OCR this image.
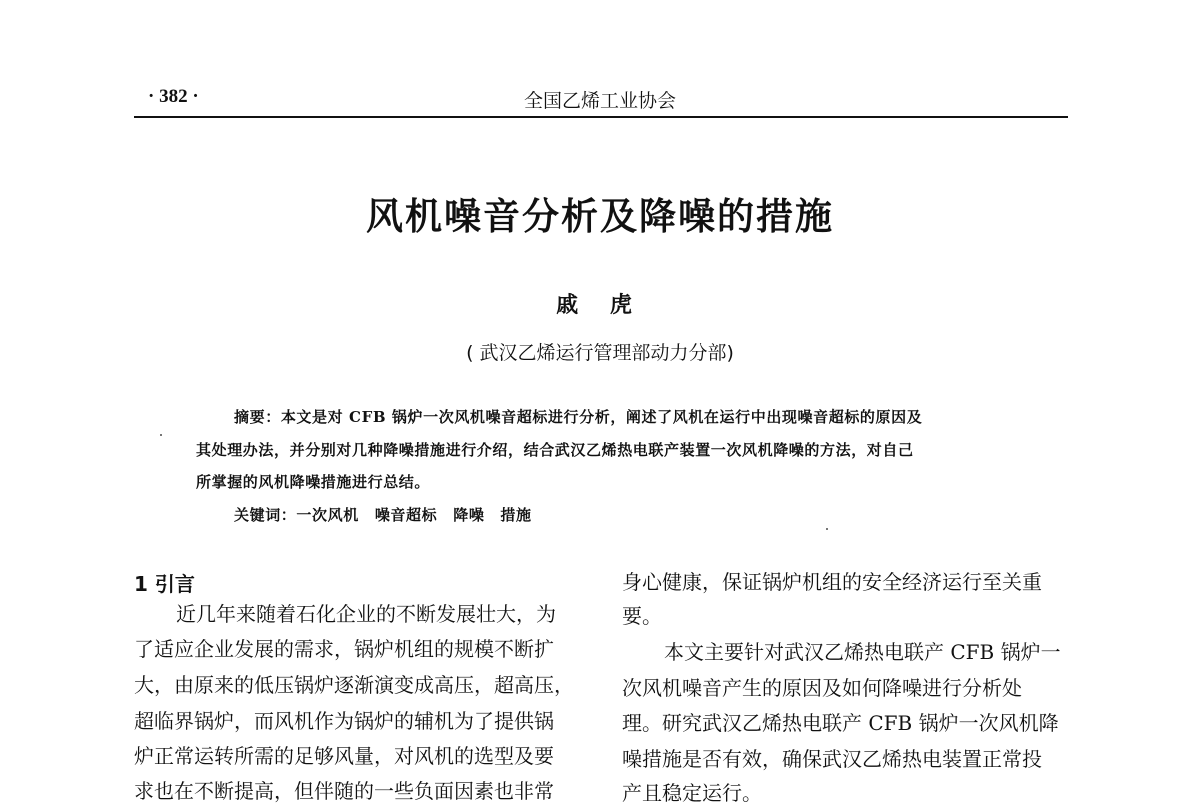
· 382 ·	全国乙烯工业协会
风机噪音分析及降噪的措施
戚 虎
( 武汉乙烯运行管理部动力分部)
摘要：本文是对 CFB 锅炉一次风机噪音超标进行分析，阐述了风机在运行中出现噪音超标的原因及
其处理办法，并分别对几种降噪措施进行介绍，结合武汉乙烯热电联产装置一次风机降噪的方法，对自己
所掌握的风机降噪措施进行总结。
关键词：一次风机 噪音超标 降噪 措施
1 引言
近几年来随着石化企业的不断发展壮大，为
了适应企业发展的需求，锅炉机组的规模不断扩
大，由原来的低压锅炉逐渐演变成高压，超高压，
超临界锅炉，而风机作为锅炉的辅机为了提供锅
炉正常运转所需的足够风量，对风机的选型及要
求也在不断提高，但伴随的一些负面因素也非常
身心健康，保证锅炉机组的安全经济运行至关重
要。
本文主要针对武汉乙烯热电联产 CFB 锅炉一
次风机噪音产生的原因及如何降噪进行分析处
理。研究武汉乙烯热电联产 CFB 锅炉一次风机降
噪措施是否有效，确保武汉乙烯热电装置正常投
产且稳定运行。
